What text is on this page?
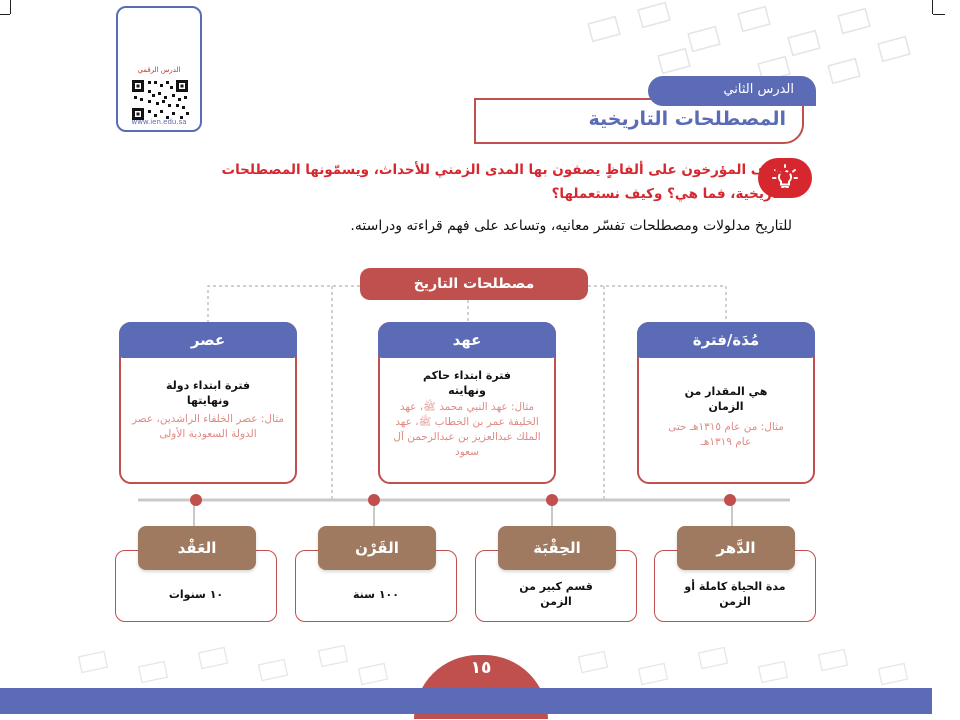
الدرس الرقمي
www.ien.edu.sa	المصطلحات التاريخية
الدرس الثاني
تعارف المؤرخون على ألفاظٍ يصفون بها المدى الزمني للأحداث، ويسمّونها المصطلحات التاريخية، فما هي؟ وكيف نستعملها؟
للتاريخ مدلولات ومصطلحات تفسّر معانيه، وتساعد على فهم قراءته ودراسته.
مصطلحات التاريخ
مُدَة/فترة
هي المقدار من الزمان
مثال: من عام ١٣١٥هـ حتى عام ١٣١٩هـ
عهد
فترة ابتداء حاكم ونهايته
مثال: عهد النبي محمد ﷺ، عهد الخليفة عمر بن الخطاب ﷺ، عهد الملك عبدالعزيز بن عبدالرحمن آل سعود
عصر
فترة ابتداء دولة ونهايتها
مثال: عصر الخلفاء الراشدين، عصر الدولة السعودية الأولى
مدة الحياة كاملة أو الزمن
الدَّهر
قسم كبير من الزمن
الحِقْبَة
١٠٠ سنة
القَرْن
١٠ سنوات
العَقْد
١٥
